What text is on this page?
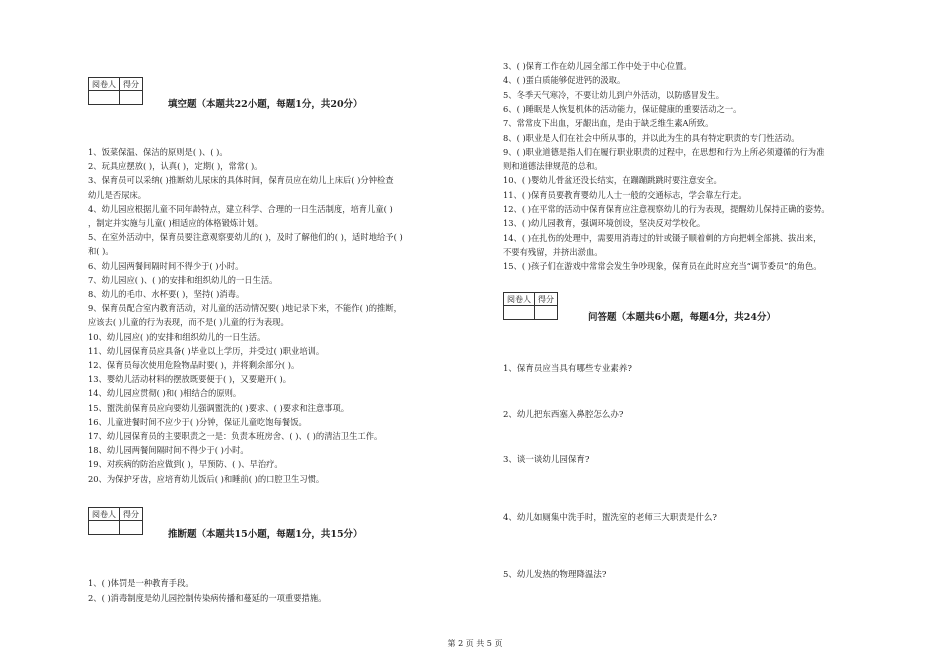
阅卷人	得分

填空题（本题共22小题，每题1分，共20分）
1、饭菜保温、保洁的原则是( )、( )。
2、玩具应摆放( )，认真( )，定期( )，常常( )。
3、保育员可以采纳( )推断幼儿尿床的具体时间，保育员应在幼儿上床后( )分钟检查
幼儿是否尿床。
4、幼儿园应根据儿童不同年龄特点，建立科学、合理的一日生活制度，培育儿童( )
，制定并实施与儿童( )相适应的体格锻炼计划。
5、在室外活动中，保育员要注意观察要幼儿的( )，及时了解他们的( )，适时地给予( )
和( )。
6、幼儿园两餐间隔时间不得少于( )小时。
7、幼儿园应( )、( )的安排和组织幼儿的一日生活。
8、幼儿的毛巾、水杯要( )，坚持( )消毒。
9、保育员配合室内教育活动，对儿童的活动情况要( )地记录下来，不能作( )的推断，
应该去( )儿童的行为表现，而不是( )儿童的行为表现。
10、幼儿园应( )的安排和组织幼儿的一日生活。
11、幼儿园保育员应具备( )毕业以上学历，并受过( )职业培训。
12、保育员每次使用危险物品时要( )，并将剩余部分( )。
13、婴幼儿活动材料的摆放既要便于( )，又要避开( )。
14、幼儿园应贯彻( )和( )相结合的原则。
15、盥洗前保育员应向要幼儿强调盥洗的( )要求、( )要求和注意事项。
16、儿童进餐时间不应少于( )分钟，保证儿童吃饱每餐饭。
17、幼儿园保育员的主要职责之一是：负责本班房舍、( )、( )的清洁卫生工作。
18、幼儿园两餐间隔时间不得少于( )小时。
19、对疾病的防治应做到( )，早预防、( )、早治疗。
20、为保护牙齿，应培育幼儿饭后( )和睡前( )的口腔卫生习惯。
阅卷人	得分

推断题（本题共15小题，每题1分，共15分）
1、( )体罚是一种教育手段。
2、( )消毒制度是幼儿园控制传染病传播和蔓延的一项重要措施。
3、( )保育工作在幼儿园全部工作中处于中心位置。
4、( )蛋白质能够促进钙的汲取。
5、冬季天气寒冷，不要让幼儿到户外活动，以防感冒发生。
6、( )睡眠是人恢复机体的活动能力，保证健康的重要活动之一。
7、常常皮下出血，牙龈出血，是由于缺乏维生素A所致。
8、( )职业是人们在社会中所从事的，并以此为生的具有特定职责的专门性活动。
9、( )职业道德是指人们在履行职业职责的过程中，在思想和行为上所必须遵循的行为准
则和道德法律规范的总和。
10、( )婴幼儿骨盆还没长结实，在蹦蹦跳跳时要注意安全。
11、( )保育员要教育婴幼儿人士一般的交通标志，学会靠左行走。
12、( )在平常的活动中保育保育应注意视察幼儿的行为表现，提醒幼儿保持正确的姿势。
13、( )幼儿园教育，强调环境创设，坚决反对学校化。
14、( )在扎伤的处理中，需要用消毒过的针或镊子顺着刺的方向把刺全部挑、拔出来，
不要有残留，并挤出淤血。
15、( )孩子们在游戏中常常会发生争吵现象，保育员在此时应充当“调节委员”的角色。
阅卷人	得分

问答题（本题共6小题，每题4分，共24分）
1、保育员应当具有哪些专业素养?
2、幼儿把东西塞入鼻腔怎么办?
3、谈一谈幼儿园保育?
4、幼儿如厕集中洗手时，盥洗室的老师三大职责是什么?
5、幼儿发热的物理降温法?
第 2 页 共 5 页
